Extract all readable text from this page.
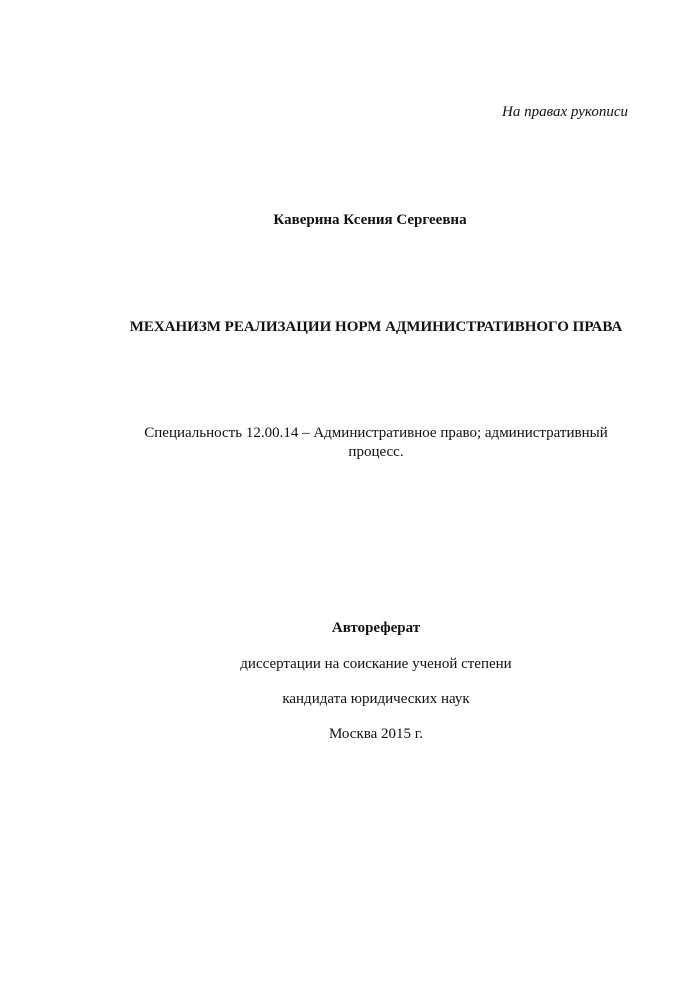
На правах рукописи
Каверина Ксения Сергеевна
МЕХАНИЗМ РЕАЛИЗАЦИИ НОРМ АДМИНИСТРАТИВНОГО ПРАВА
Специальность 12.00.14 – Административное право; административный
процесс.
Автореферат
диссертации на соискание ученой степени
кандидата юридических наук
Москва 2015 г.
